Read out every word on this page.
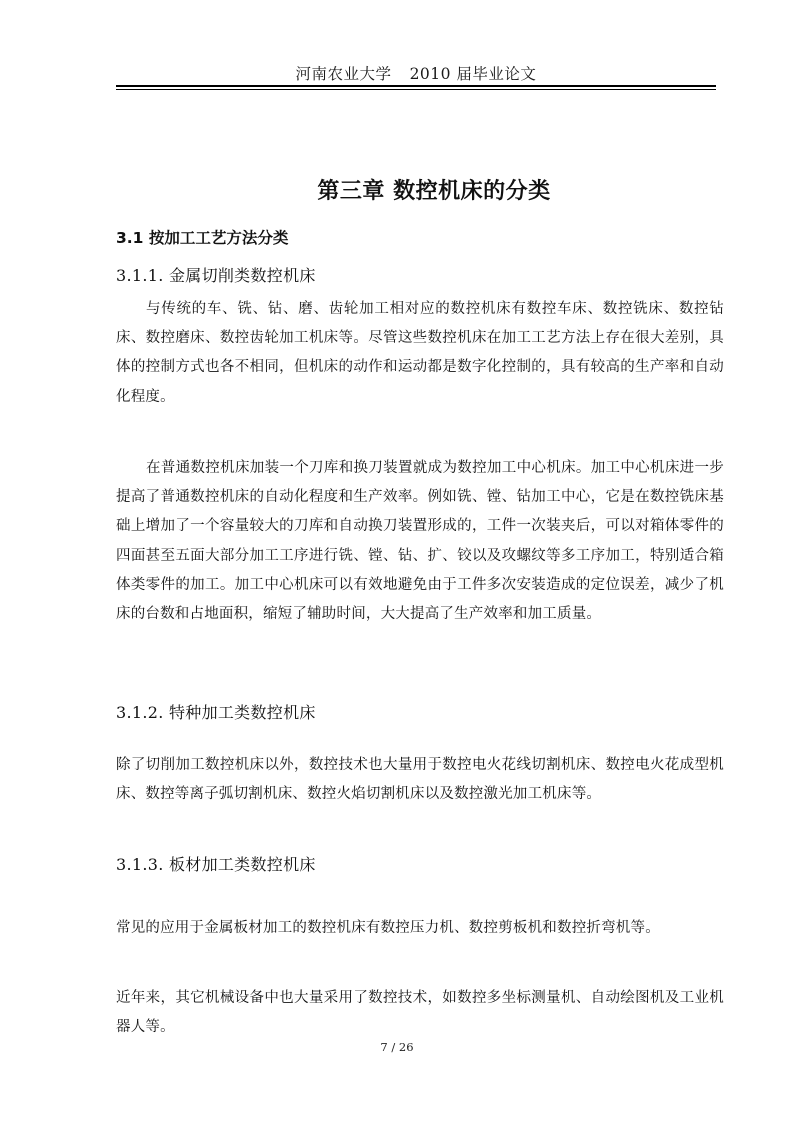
河南农业大学 2010 届毕业论文
第三章 数控机床的分类
3.1 按加工工艺方法分类
3.1.1. 金属切削类数控机床
与传统的车、铣、钻、磨、齿轮加工相对应的数控机床有数控车床、数控铣床、数控钻床、数控磨床、数控齿轮加工机床等。尽管这些数控机床在加工工艺方法上存在很大差别，具体的控制方式也各不相同，但机床的动作和运动都是数字化控制的，具有较高的生产率和自动化程度。
在普通数控机床加装一个刀库和换刀装置就成为数控加工中心机床。加工中心机床进一步提高了普通数控机床的自动化程度和生产效率。例如铣、镗、钻加工中心，它是在数控铣床基础上增加了一个容量较大的刀库和自动换刀装置形成的，工件一次装夹后，可以对箱体零件的四面甚至五面大部分加工工序进行铣、镗、钻、扩、铰以及攻螺纹等多工序加工，特别适合箱体类零件的加工。加工中心机床可以有效地避免由于工件多次安装造成的定位误差，减少了机床的台数和占地面积，缩短了辅助时间，大大提高了生产效率和加工质量。
3.1.2. 特种加工类数控机床
除了切削加工数控机床以外，数控技术也大量用于数控电火花线切割机床、数控电火花成型机床、数控等离子弧切割机床、数控火焰切割机床以及数控激光加工机床等。
3.1.3. 板材加工类数控机床
常见的应用于金属板材加工的数控机床有数控压力机、数控剪板机和数控折弯机等。
近年来，其它机械设备中也大量采用了数控技术，如数控多坐标测量机、自动绘图机及工业机器人等。
7 / 26
